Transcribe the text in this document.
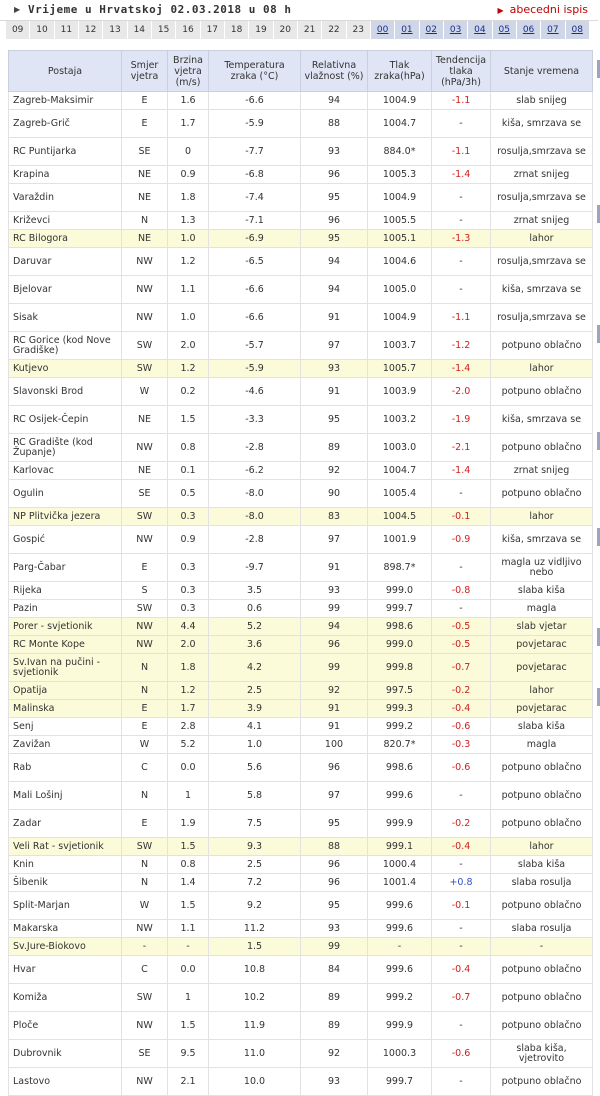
▶ Vrijeme u Hrvatskoj 02.03.2018 u 08 h	▶ abecedni ispis
09	10	11	12	13	14	15	16	17	18	19	20	21	22	23	00	01	02	03	04	05	06	07	08
Postaja	Smjer vjetra	Brzina vjetra (m/s)	Temperatura zraka (°C)	Relativna vlažnost (%)	Tlak zraka(hPa)	Tendencija tlaka (hPa/3h)	Stanje vremena
Zagreb-Maksimir	E	1.6	-6.6	94	1004.9	-1.1	slab snijeg
Zagreb-Grič	E	1.7	-5.9	88	1004.7	-	kiša, smrzava se
RC Puntijarka	SE	0	-7.7	93	884.0*	-1.1	rosulja,smrzava se
Krapina	NE	0.9	-6.8	96	1005.3	-1.4	zrnat snijeg
Varaždin	NE	1.8	-7.4	95	1004.9	-	rosulja,smrzava se
Križevci	N	1.3	-7.1	96	1005.5	-	zrnat snijeg
RC Bilogora	NE	1.0	-6.9	95	1005.1	-1.3	lahor
Daruvar	NW	1.2	-6.5	94	1004.6	-	rosulja,smrzava se
Bjelovar	NW	1.1	-6.6	94	1005.0	-	kiša, smrzava se
Sisak	NW	1.0	-6.6	91	1004.9	-1.1	rosulja,smrzava se
RC Gorice (kod Nove Gradiške)	SW	2.0	-5.7	97	1003.7	-1.2	potpuno oblačno
Kutjevo	SW	1.2	-5.9	93	1005.7	-1.4	lahor
Slavonski Brod	W	0.2	-4.6	91	1003.9	-2.0	potpuno oblačno
RC Osijek-Čepin	NE	1.5	-3.3	95	1003.2	-1.9	kiša, smrzava se
RC Gradište (kod Županje)	NW	0.8	-2.8	89	1003.0	-2.1	potpuno oblačno
Karlovac	NE	0.1	-6.2	92	1004.7	-1.4	zrnat snijeg
Ogulin	SE	0.5	-8.0	90	1005.4	-	potpuno oblačno
NP Plitvička jezera	SW	0.3	-8.0	83	1004.5	-0.1	lahor
Gospić	NW	0.9	-2.8	97	1001.9	-0.9	kiša, smrzava se
Parg-Čabar	E	0.3	-9.7	91	898.7*	-	magla uz vidljivo nebo
Rijeka	S	0.3	3.5	93	999.0	-0.8	slaba kiša
Pazin	SW	0.3	0.6	99	999.7	-	magla
Porer - svjetionik	NW	4.4	5.2	94	998.6	-0.5	slab vjetar
RC Monte Kope	NW	2.0	3.6	96	999.0	-0.5	povjetarac
Sv.Ivan na pučini - svjetionik	N	1.8	4.2	99	999.8	-0.7	povjetarac
Opatija	N	1.2	2.5	92	997.5	-0.2	lahor
Malinska	E	1.7	3.9	91	999.3	-0.4	povjetarac
Senj	E	2.8	4.1	91	999.2	-0.6	slaba kiša
Zavižan	W	5.2	1.0	100	820.7*	-0.3	magla
Rab	C	0.0	5.6	96	998.6	-0.6	potpuno oblačno
Mali Lošinj	N	1	5.8	97	999.6	-	potpuno oblačno
Zadar	E	1.9	7.5	95	999.9	-0.2	potpuno oblačno
Veli Rat - svjetionik	SW	1.5	9.3	88	999.1	-0.4	lahor
Knin	N	0.8	2.5	96	1000.4	-	slaba kiša
Šibenik	N	1.4	7.2	96	1001.4	+0.8	slaba rosulja
Split-Marjan	W	1.5	9.2	95	999.6	-0.1	potpuno oblačno
Makarska	NW	1.1	11.2	93	999.6	-	slaba rosulja
Sv.Jure-Biokovo	-	-	1.5	99	-	-	-
Hvar	C	0.0	10.8	84	999.6	-0.4	potpuno oblačno
Komiža	SW	1	10.2	89	999.2	-0.7	potpuno oblačno
Ploče	NW	1.5	11.9	89	999.9	-	potpuno oblačno
Dubrovnik	SE	9.5	11.0	92	1000.3	-0.6	slaba kiša, vjetrovito
Lastovo	NW	2.1	10.0	93	999.7	-	potpuno oblačno
